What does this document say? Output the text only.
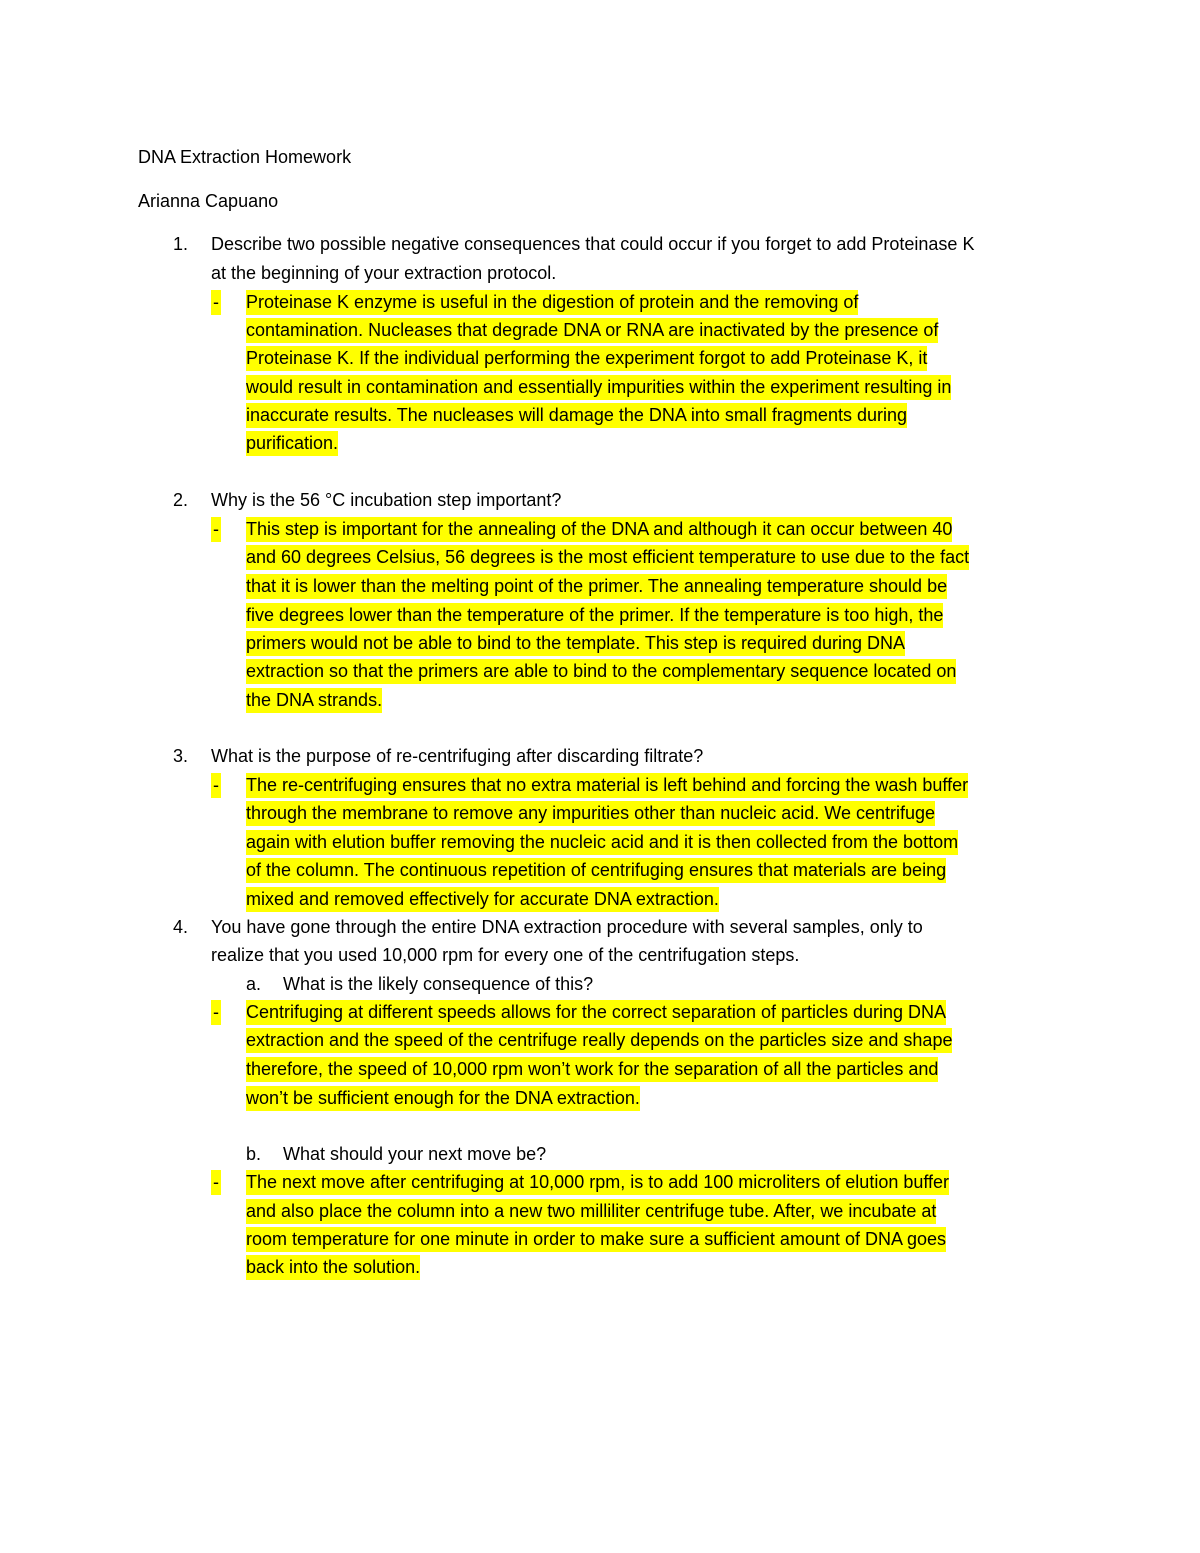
DNA Extraction Homework
Arianna Capuano
1. Describe two possible negative consequences that could occur if you forget to add Proteinase K
at the beginning of your extraction protocol.
- Proteinase K enzyme is useful in the digestion of protein and the removing of
contamination. Nucleases that degrade DNA or RNA are inactivated by the presence of
Proteinase K. If the individual performing the experiment forgot to add Proteinase K, it
would result in contamination and essentially impurities within the experiment resulting in
inaccurate results. The nucleases will damage the DNA into small fragments during
purification.
2. Why is the 56 °C incubation step important?
- This step is important for the annealing of the DNA and although it can occur between 40
and 60 degrees Celsius, 56 degrees is the most efficient temperature to use due to the fact
that it is lower than the melting point of the primer. The annealing temperature should be
five degrees lower than the temperature of the primer. If the temperature is too high, the
primers would not be able to bind to the template. This step is required during DNA
extraction so that the primers are able to bind to the complementary sequence located on
the DNA strands.
3. What is the purpose of re-centrifuging after discarding filtrate?
- The re-centrifuging ensures that no extra material is left behind and forcing the wash buffer
through the membrane to remove any impurities other than nucleic acid. We centrifuge
again with elution buffer removing the nucleic acid and it is then collected from the bottom
of the column. The continuous repetition of centrifuging ensures that materials are being
mixed and removed effectively for accurate DNA extraction.
4. You have gone through the entire DNA extraction procedure with several samples, only to
realize that you used 10,000 rpm for every one of the centrifugation steps.
a. What is the likely consequence of this?
- Centrifuging at different speeds allows for the correct separation of particles during DNA
extraction and the speed of the centrifuge really depends on the particles size and shape
therefore, the speed of 10,000 rpm won’t work for the separation of all the particles and
won’t be sufficient enough for the DNA extraction.
b. What should your next move be?
- The next move after centrifuging at 10,000 rpm, is to add 100 microliters of elution buffer
and also place the column into a new two milliliter centrifuge tube. After, we incubate at
room temperature for one minute in order to make sure a sufficient amount of DNA goes
back into the solution.
